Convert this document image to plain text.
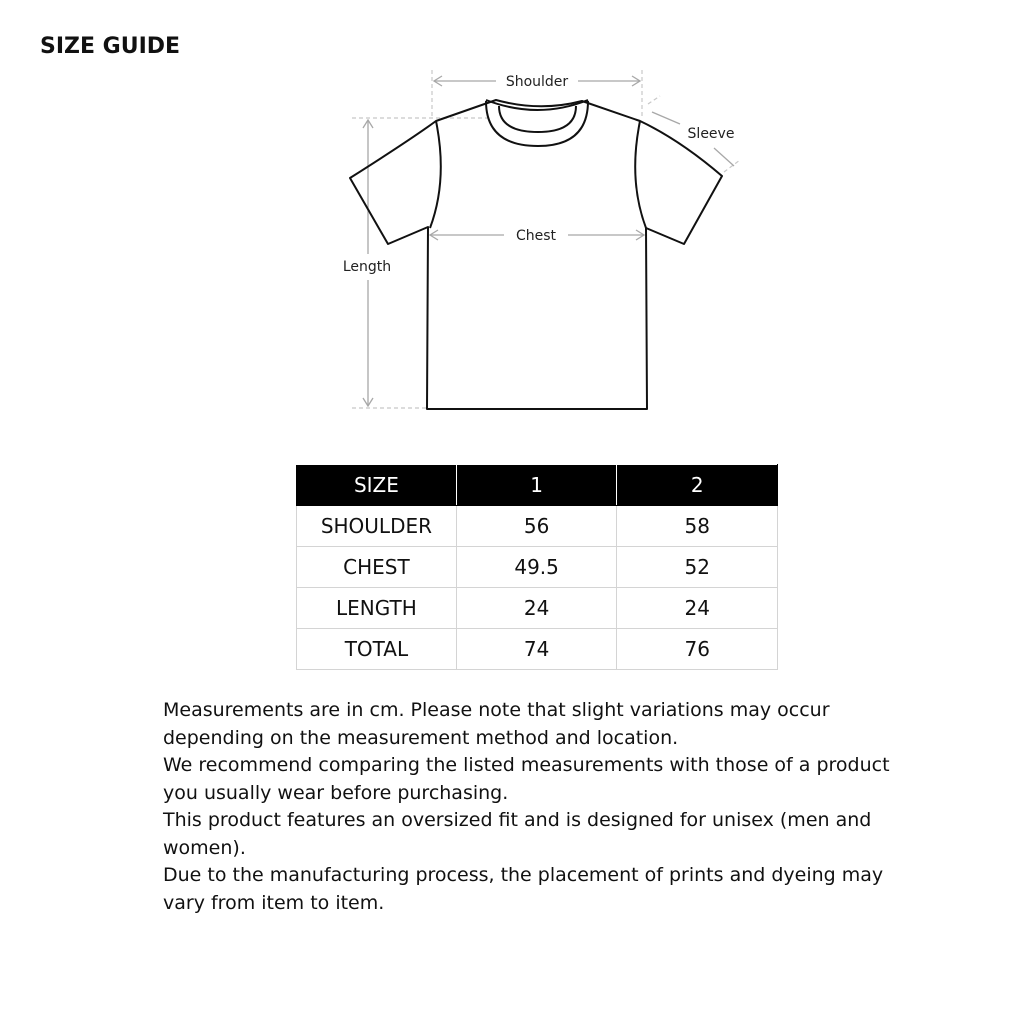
SIZE GUIDE
Shoulder
Sleeve
Chest
Length
SIZE	1	2
SHOULDER	56	58
CHEST	49.5	52
LENGTH	24	24
TOTAL	74	76

Measurements are in cm. Please note that slight variations may occur depending on the measurement method and location.

We recommend comparing the listed measurements with those of a product you usually wear before purchasing.

This product features an oversized fit and is designed for unisex (men and women).

Due to the manufacturing process, the placement of prints and dyeing may vary from item to item.
